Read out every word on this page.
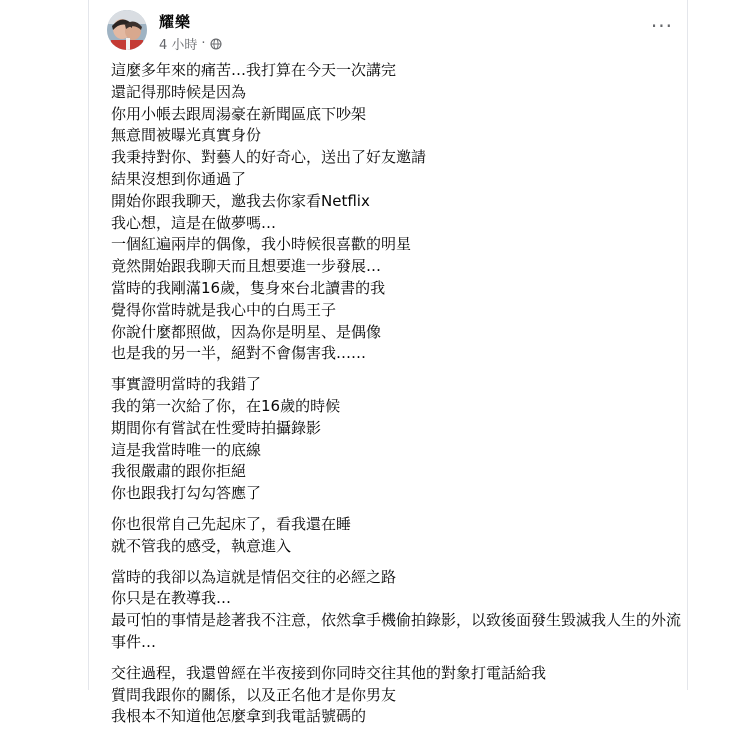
耀樂
4 小時 ·
···
這麼多年來的痛苦…我打算在今天一次講完
還記得那時候是因為
你用小帳去跟周湯豪在新聞區底下吵架
無意間被曝光真實身份
我秉持對你、對藝人的好奇心，送出了好友邀請
結果沒想到你通過了
開始你跟我聊天，邀我去你家看Netflix
我心想，這是在做夢嗎…
一個紅遍兩岸的偶像，我小時候很喜歡的明星
竟然開始跟我聊天而且想要進一步發展…
當時的我剛滿16歲，隻身來台北讀書的我
覺得你當時就是我心中的白馬王子
你說什麼都照做，因為你是明星、是偶像
也是我的另一半，絕對不會傷害我……
事實證明當時的我錯了
我的第一次給了你，在16歲的時候
期間你有嘗試在性愛時拍攝錄影
這是我當時唯一的底線
我很嚴肅的跟你拒絕
你也跟我打勾勾答應了
你也很常自己先起床了，看我還在睡
就不管我的感受，執意進入
當時的我卻以為這就是情侶交往的必經之路
你只是在教導我…
最可怕的事情是趁著我不注意，依然拿手機偷拍錄影，以致後面發生毀滅我人生的外流事件…
交往過程，我還曾經在半夜接到你同時交往其他的對象打電話給我
質問我跟你的關係，以及正名他才是你男友
我根本不知道他怎麼拿到我電話號碼的
